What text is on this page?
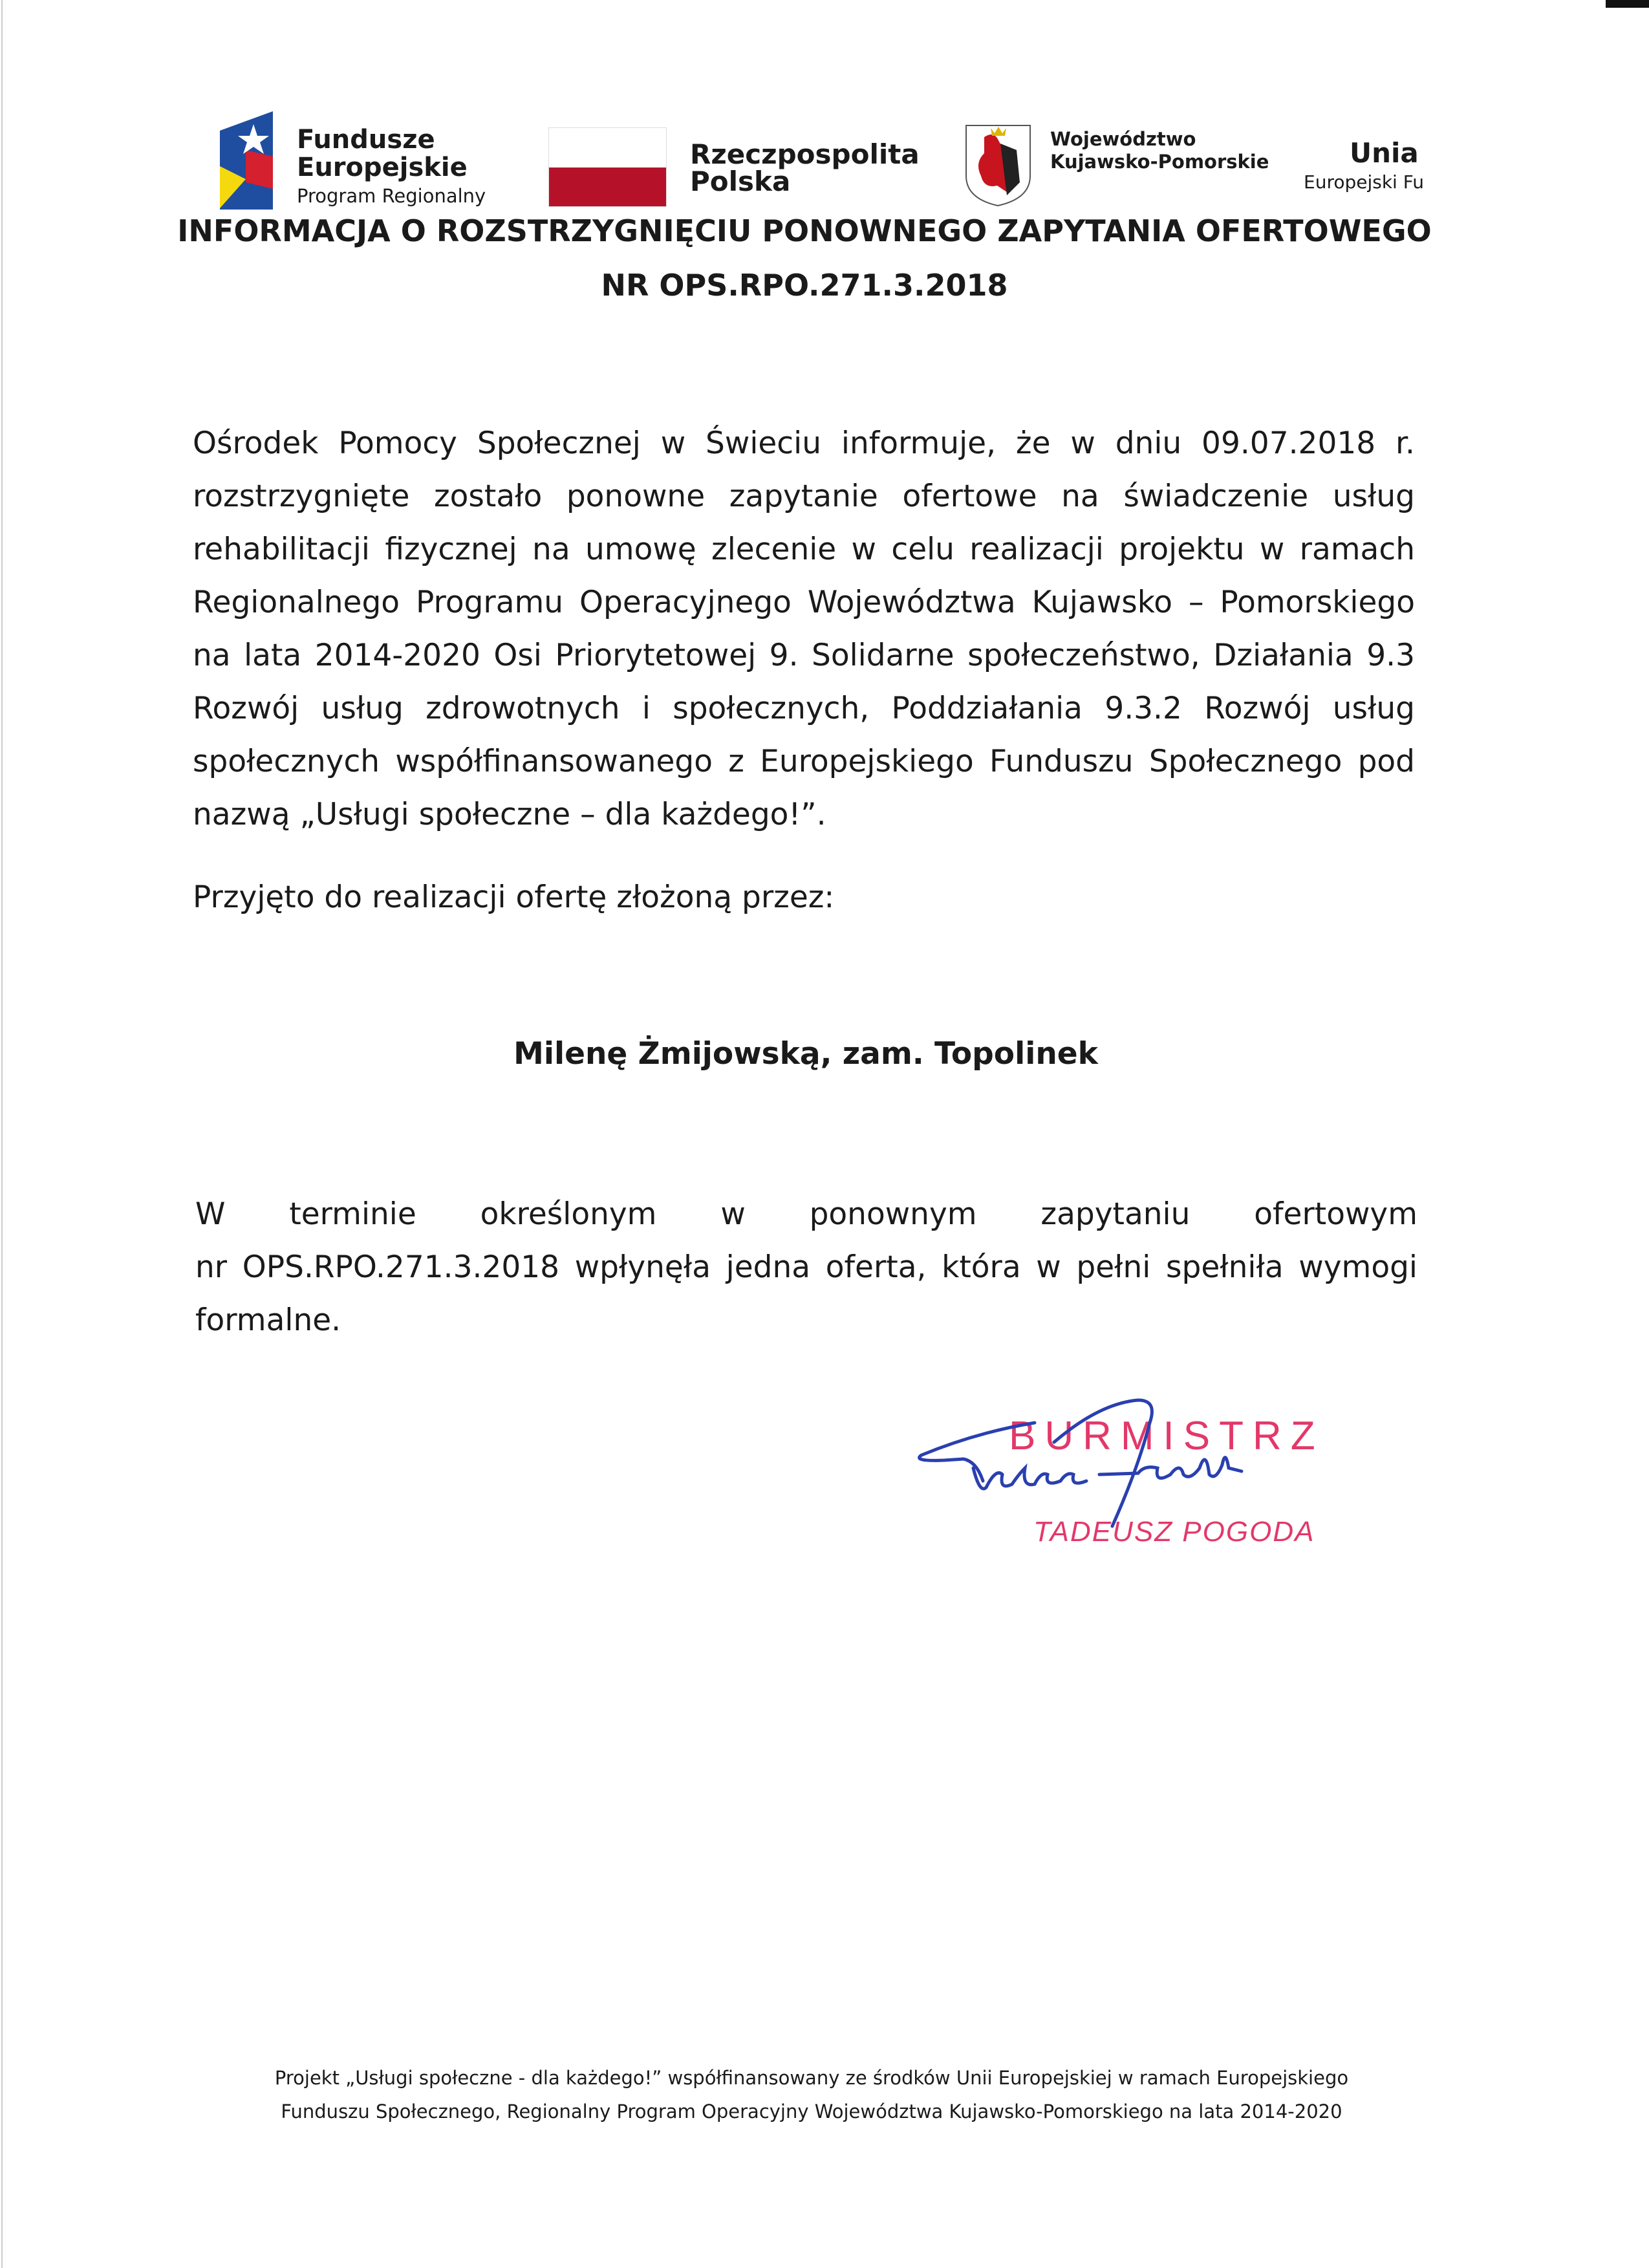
Fundusze
Europejskie
Program Regionalny
Rzeczpospolita
Polska
Województwo
Kujawsko-Pomorskie	Unia
Europejski Fu
INFORMACJA O ROZSTRZYGNIĘCIU PONOWNEGO ZAPYTANIA OFERTOWEGO
NR OPS.RPO.271.3.2018
Ośrodek Pomocy Społecznej w Świeciu informuje, że w dniu 09.07.2018 r.
rozstrzygnięte zostało ponowne zapytanie ofertowe na świadczenie usług
rehabilitacji fizycznej na umowę zlecenie w celu realizacji projektu w ramach
Regionalnego Programu Operacyjnego Województwa Kujawsko – Pomorskiego
na lata 2014-2020 Osi Priorytetowej 9. Solidarne społeczeństwo, Działania 9.3
Rozwój usług zdrowotnych i społecznych, Poddziałania 9.3.2 Rozwój usług
społecznych współfinansowanego z Europejskiego Funduszu Społecznego pod
nazwą „Usługi społeczne – dla każdego!”.
Przyjęto do realizacji ofertę złożoną przez:
Milenę Żmijowską, zam. Topolinek
W terminie określonym w ponownym zapytaniu ofertowym
nr OPS.RPO.271.3.2018 wpłynęła jedna oferta, która w pełni spełniła wymogi
formalne.
BURMISTRZ
TADEUSZ POGODA
Projekt „Usługi społeczne - dla każdego!” współfinansowany ze środków Unii Europejskiej w ramach Europejskiego
Funduszu Społecznego, Regionalny Program Operacyjny Województwa Kujawsko-Pomorskiego na lata 2014-2020
